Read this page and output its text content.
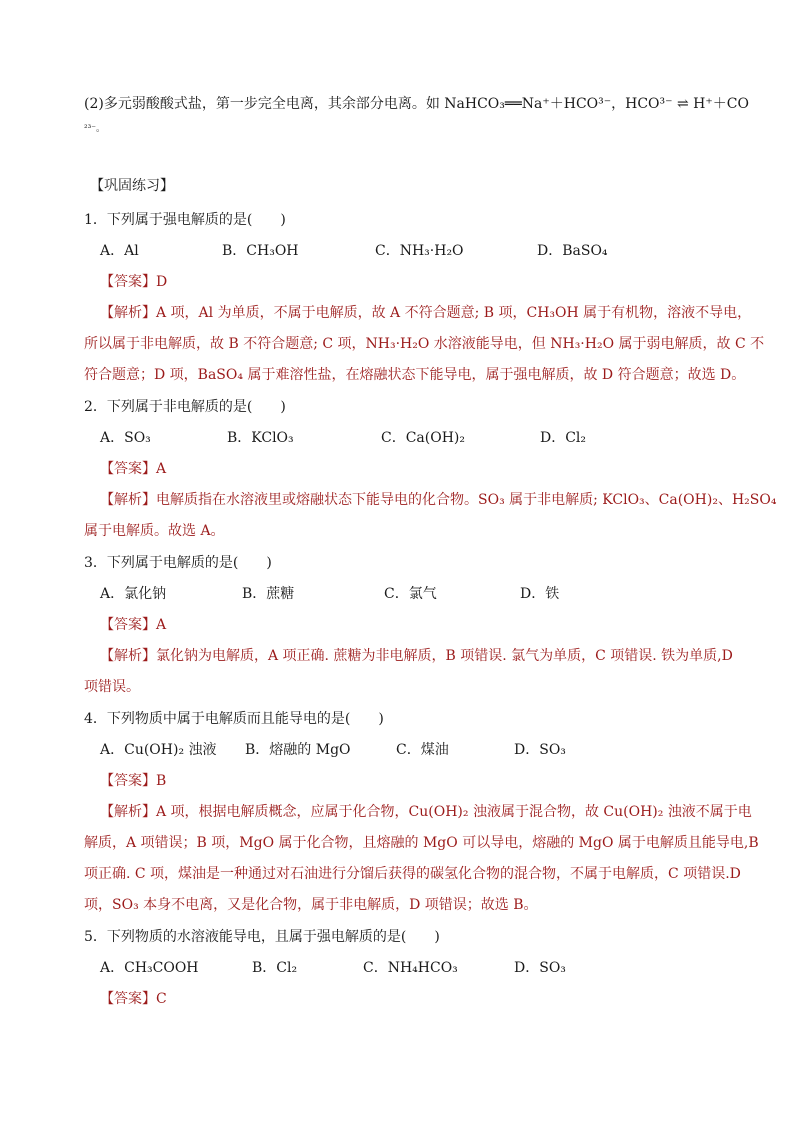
(2)多元弱酸酸式盐，第一步完全电离，其余部分电离。如 NaHCO₃══Na⁺＋HCO³⁻，HCO³⁻ ⇌ H⁺＋CO
²³⁻。
【巩固练习】
1．下列属于强电解质的是(　　)
A．Al	B．CH₃OH	C．NH₃·H₂O	D．BaSO₄
【答案】D
【解析】A 项，Al 为单质，不属于电解质，故 A 不符合题意; B 项，CH₃OH 属于有机物，溶液不导电，
所以属于非电解质，故 B 不符合题意; C 项，NH₃·H₂O 水溶液能导电，但 NH₃·H₂O 属于弱电解质，故 C 不
符合题意；D 项，BaSO₄ 属于难溶性盐，在熔融状态下能导电，属于强电解质，故 D 符合题意；故选 D。
2．下列属于非电解质的是(　　)
A．SO₃	B．KClO₃	C．Ca(OH)₂	D．Cl₂
【答案】A
【解析】电解质指在水溶液里或熔融状态下能导电的化合物。SO₃ 属于非电解质; KClO₃、Ca(OH)₂、H₂SO₄
属于电解质。故选 A。
3．下列属于电解质的是(　　)
A．氯化钠	B．蔗糖	C．氯气	D．铁
【答案】A
【解析】氯化钠为电解质，A 项正确. 蔗糖为非电解质，B 项错误. 氯气为单质，C 项错误. 铁为单质,D
项错误。
4．下列物质中属于电解质而且能导电的是(　　)
A．Cu(OH)₂ 浊液 B．熔融的 MgO	C．煤油	D．SO₃
【答案】B
【解析】A 项，根据电解质概念，应属于化合物，Cu(OH)₂ 浊液属于混合物，故 Cu(OH)₂ 浊液不属于电
解质，A 项错误；B 项，MgO 属于化合物，且熔融的 MgO 可以导电，熔融的 MgO 属于电解质且能导电,B
项正确. C 项，煤油是一种通过对石油进行分馏后获得的碳氢化合物的混合物，不属于电解质，C 项错误.D
项，SO₃ 本身不电离，又是化合物，属于非电解质，D 项错误；故选 B。
5．下列物质的水溶液能导电，且属于强电解质的是(　　)
A．CH₃COOH	B．Cl₂	C．NH₄HCO₃	D．SO₃
【答案】C
